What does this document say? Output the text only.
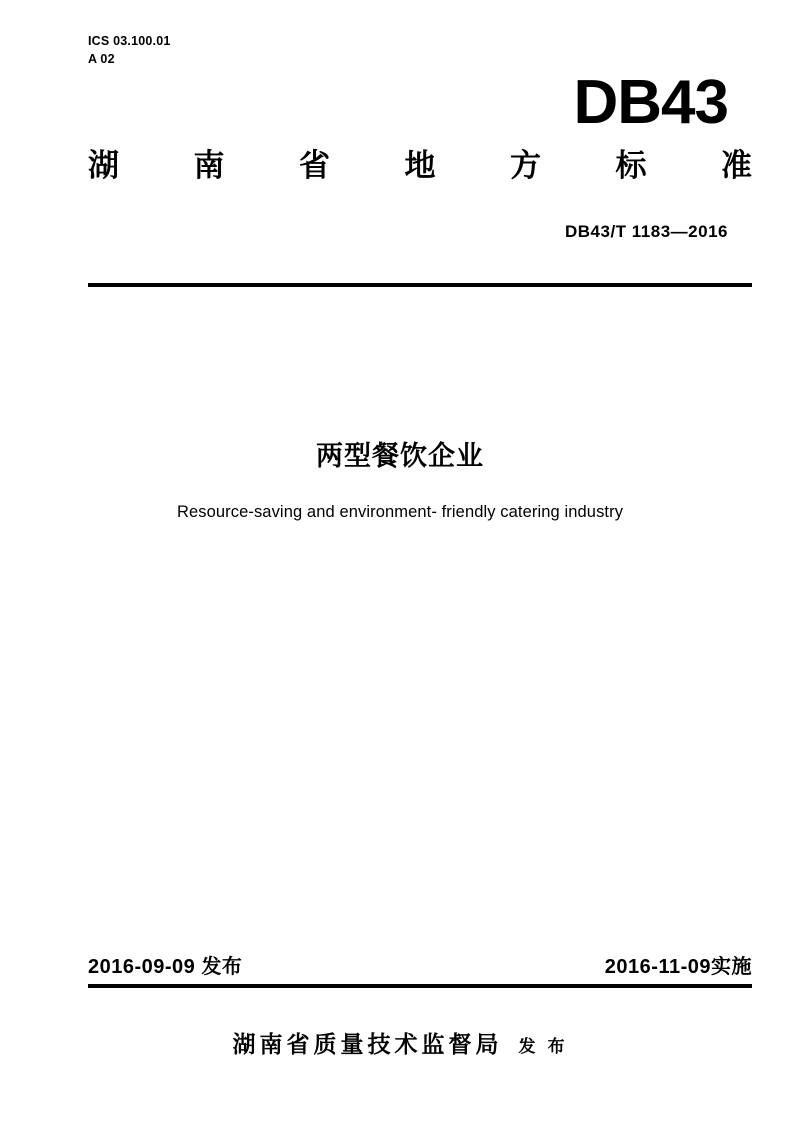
ICS 03.100.01
A 02
DB43
湖 南 省 地 方 标 准
DB43/T 1183—2016
两型餐饮企业
Resource-saving and environment- friendly catering industry
2016-09-09 发布	2016-11-09实施
湖南省质量技术监督局 发 布
